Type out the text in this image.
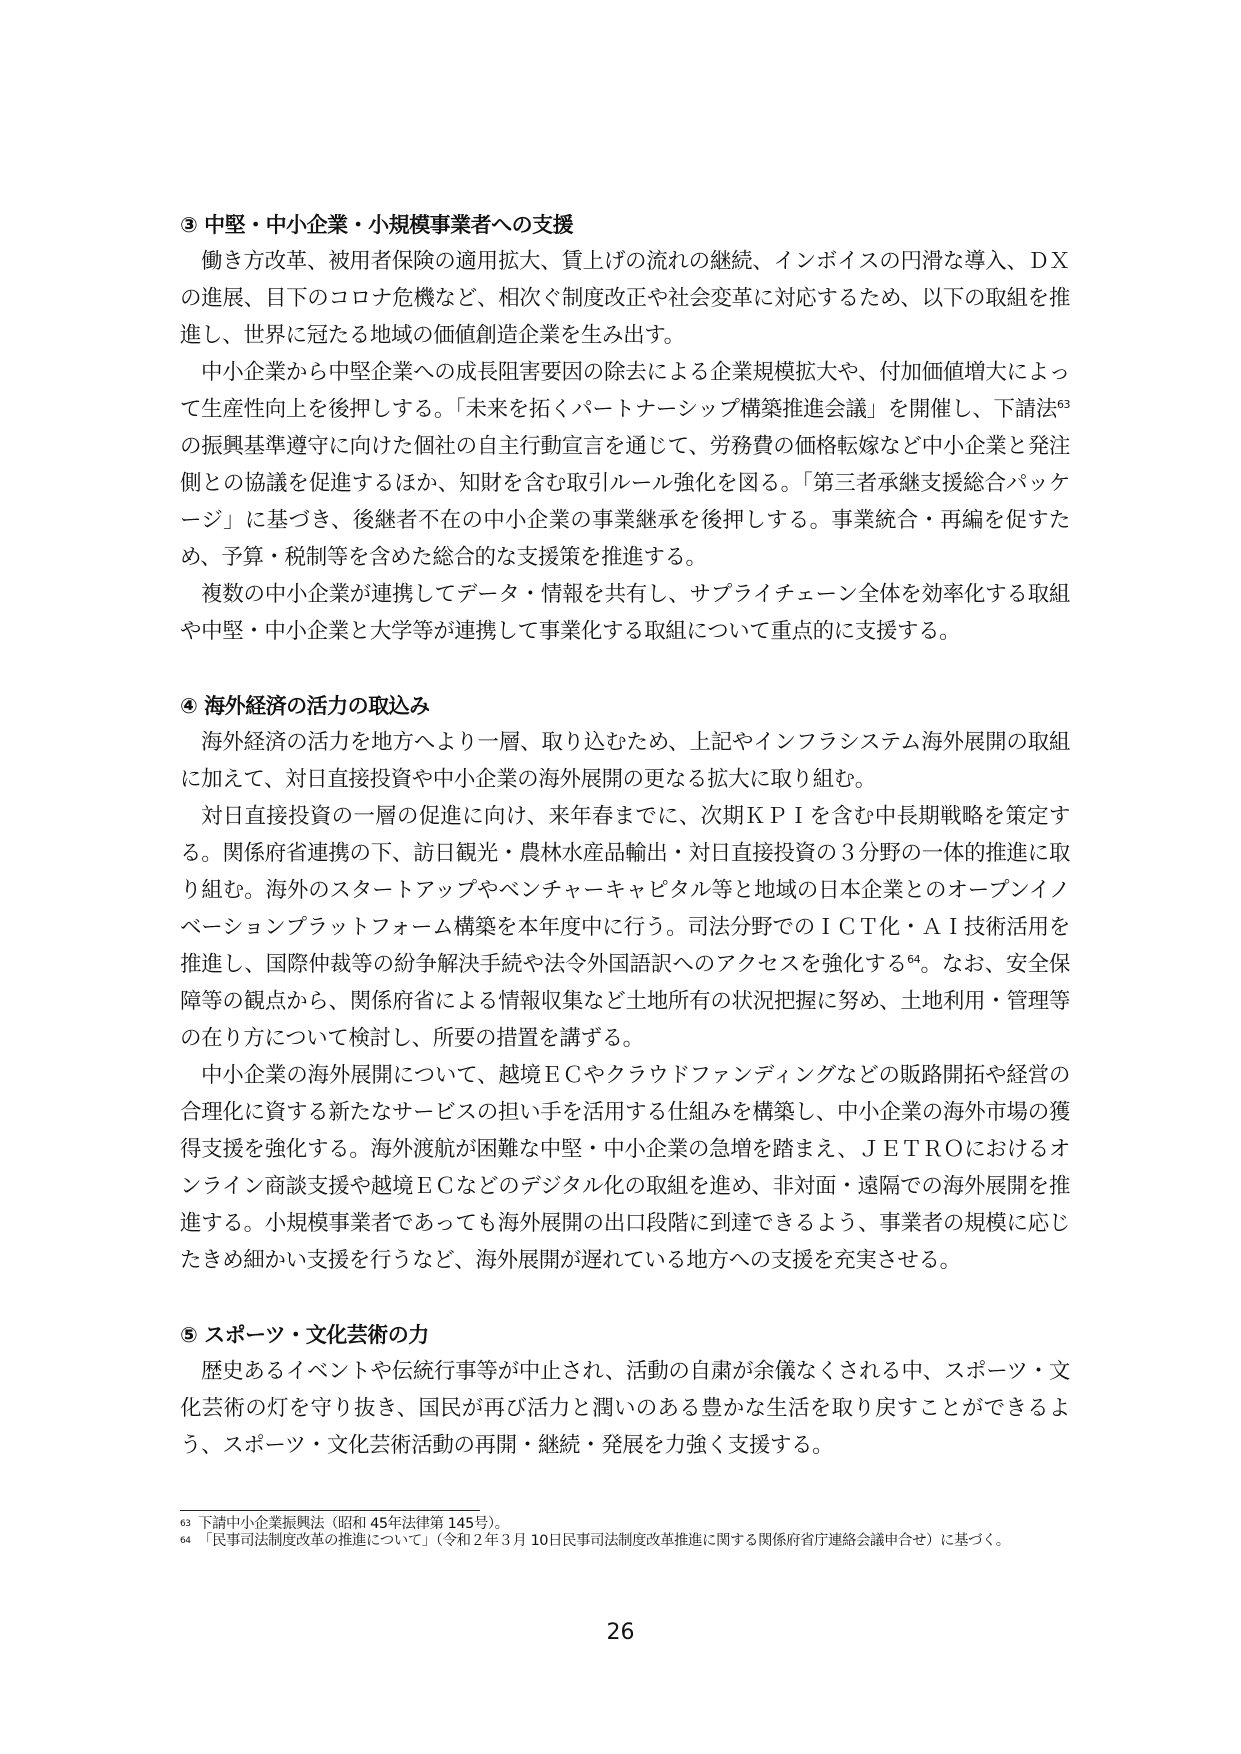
③ 中堅・中小企業・小規模事業者への支援

働き方改革、被用者保険の適用拡大、賃上げの流れの継続、インボイスの円滑な導入、ＤＸの進展、目下のコロナ危機など、相次ぐ制度改正や社会変革に対応するため、以下の取組を推進し、世界に冠たる地域の価値創造企業を生み出す。

中小企業から中堅企業への成長阻害要因の除去による企業規模拡大や、付加価値増大によって生産性向上を後押しする。「未来を拓くパートナーシップ構築推進会議」を開催し、下請法$^{63}$の振興基準遵守に向けた個社の自主行動宣言を通じて、労務費の価格転嫁など中小企業と発注側との協議を促進するほか、知財を含む取引ルール強化を図る。「第三者承継支援総合パッケージ」に基づき、後継者不在の中小企業の事業継承を後押しする。事業統合・再編を促すため、予算・税制等を含めた総合的な支援策を推進する。

複数の中小企業が連携してデータ・情報を共有し、サプライチェーン全体を効率化する取組や中堅・中小企業と大学等が連携して事業化する取組について重点的に支援する。

④ 海外経済の活力の取込み

海外経済の活力を地方へより一層、取り込むため、上記やインフラシステム海外展開の取組に加えて、対日直接投資や中小企業の海外展開の更なる拡大に取り組む。

対日直接投資の一層の促進に向け、来年春までに、次期ＫＰＩを含む中長期戦略を策定する。関係府省連携の下、訪日観光・農林水産品輸出・対日直接投資の３分野の一体的推進に取り組む。海外のスタートアップやベンチャーキャピタル等と地域の日本企業とのオープンイノベーションプラットフォーム構築を本年度中に行う。司法分野でのＩＣＴ化・ＡＩ技術活用を推進し、国際仲裁等の紛争解決手続や法令外国語訳へのアクセスを強化する$^{64}$。なお、安全保障等の観点から、関係府省による情報収集など土地所有の状況把握に努め、土地利用・管理等の在り方について検討し、所要の措置を講ずる。

中小企業の海外展開について、越境ＥＣやクラウドファンディングなどの販路開拓や経営の合理化に資する新たなサービスの担い手を活用する仕組みを構築し、中小企業の海外市場の獲得支援を強化する。海外渡航が困難な中堅・中小企業の急増を踏まえ、ＪＥＴＲＯにおけるオンライン商談支援や越境ＥＣなどのデジタル化の取組を進め、非対面・遠隔での海外展開を推進する。小規模事業者であっても海外展開の出口段階に到達できるよう、事業者の規模に応じたきめ細かい支援を行うなど、海外展開が遅れている地方への支援を充実させる。

⑤ スポーツ・文化芸術の力

歴史あるイベントや伝統行事等が中止され、活動の自粛が余儀なくされる中、スポーツ・文化芸術の灯を守り抜き、国民が再び活力と潤いのある豊かな生活を取り戻すことができるよう、スポーツ・文化芸術活動の再開・継続・発展を力強く支援する。

63 下請中小企業振興法（昭和 45年法律第 145号）。
64 「民事司法制度改革の推進について」（令和２年３月 10日民事司法制度改革推進に関する関係府省庁連絡会議申合せ）に基づく。
26
